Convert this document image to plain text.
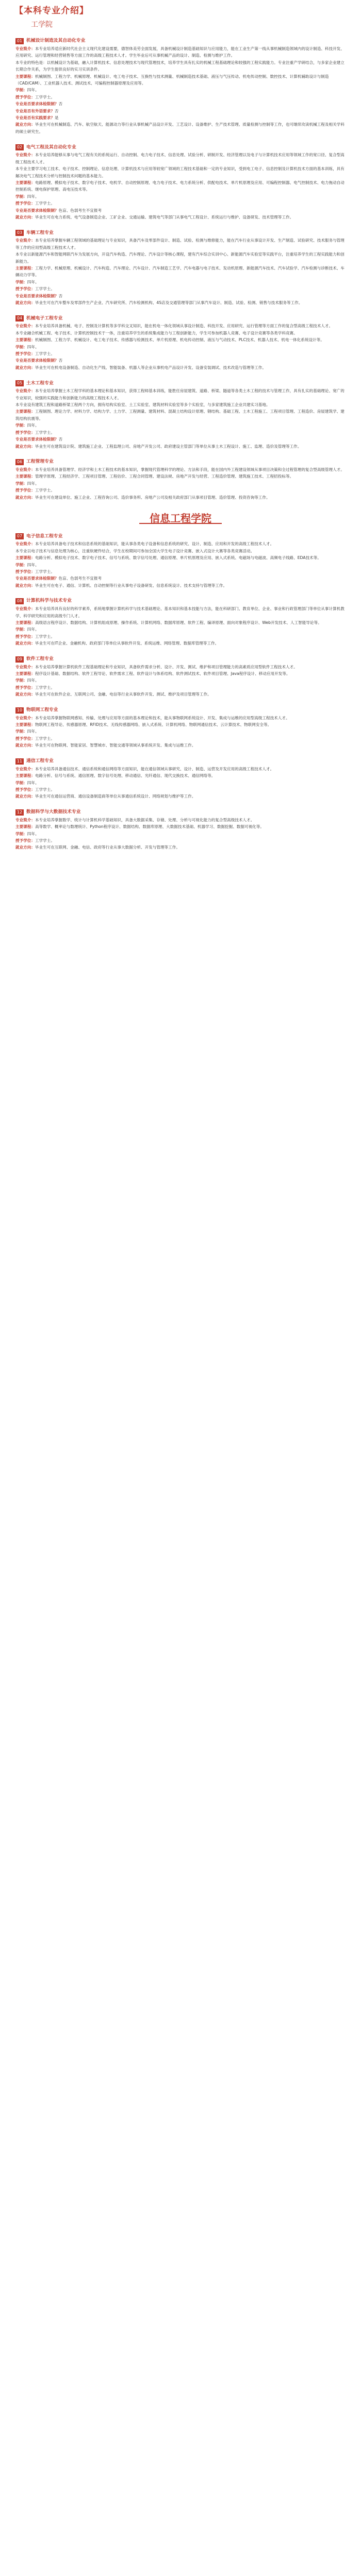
【本科专业介绍】
工学院
01 机械设计制造及其自动化专业

专业简介：本专业培养适应新时代社会主义现代化建设需要，德智体美劳全面发展，具备机械设计制造基础知识与应用能力，能在工业生产第一线从事机械制造领域内的设计制造、科技开发、应用研究、运行管理和经营销售等方面工作的高级工程技术人才。学生毕业后可从事机械产品的设计、制造、检测与维护工作。

本专业的特色是：以机械设计为基础，融入计算机技术、信息处理技术与现代管理技术，培养学生具有扎实的机械工程基础理论和较强的工程实践能力。专业注重产学研结合，与多家企业建立长期合作关系，为学生提供良好的实习实训条件。

主要课程：机械制图、工程力学、机械原理、机械设计、电工电子技术、互换性与技术测量、机械制造技术基础、液压与气压传动、机电传动控制、数控技术、计算机辅助设计与制造（CAD/CAM）、工业机器人技术、测试技术、可编程控制器原理及应用等。

学制：四年。

授予学位：工学学士。

专业是否要求体检限制？否

专业是否有外语要求？否

专业是否有实践要求？是

就业方向：毕业生可在机械制造、汽车、航空航天、能源动力等行业从事机械产品设计开发、工艺设计、设备维护、生产技术管理、质量检测与控制等工作，也可继续攻读机械工程及相关学科的硕士研究生。

02 电气工程及其自动化专业

专业简介：本专业培养能够从事与电气工程有关的系统运行、自动控制、电力电子技术、信息处理、试验分析、研制开发、经济管理以及电子与计算机技术应用等领域工作的宽口径、复合型高级工程技术人才。

本专业主要学习电工技术、电子技术、控制理论、信息处理、计算机技术与应用等较宽广领域的工程技术基础和一定的专业知识，受到电工电子、信息控制及计算机技术方面的基本训练，具有解决电气工程技术分析与控制技术问题的基本能力。

主要课程：电路原理、模拟电子技术、数字电子技术、电机学、自动控制原理、电力电子技术、电力系统分析、供配电技术、单片机原理及应用、可编程控制器、电气控制技术、电力拖动自动控制系统、继电保护原理、高电压技术等。

学制：四年。

授予学位：工学学士。

专业是否要求体检限制？色盲、色弱考生不宜报考

就业方向：毕业生可在电力系统、电气设备制造企业、工矿企业、交通运输、建筑电气等部门从事电气工程设计、系统运行与维护、设备研发、技术管理等工作。

03 车辆工程专业

专业简介：本专业培养掌握车辆工程领域的基础理论与专业知识，具备汽车及零部件设计、制造、试验、检测与维修能力，能在汽车行业从事设计开发、生产制造、试验研究、技术服务与管理等工作的应用型高级工程技术人才。

本专业以新能源汽车和智能网联汽车为发展方向，开设汽车构造、汽车理论、汽车设计等核心课程，建有汽车综合实训中心、新能源汽车实验室等实践平台，注重培养学生的工程实践能力和创新能力。

主要课程：工程力学、机械原理、机械设计、汽车构造、汽车理论、汽车设计、汽车制造工艺学、汽车电器与电子技术、发动机原理、新能源汽车技术、汽车试验学、汽车检测与诊断技术、车辆动力学等。

学制：四年。

授予学位：工学学士。

专业是否要求体检限制？否

就业方向：毕业生可在汽车整车及零部件生产企业、汽车研究所、汽车检测机构、4S店及交通管理等部门从事汽车设计、制造、试验、检测、销售与技术服务等工作。

04 机械电子工程专业

专业简介：本专业培养具备机械、电子、控制及计算机等多学科交叉知识，能在机电一体化领域从事设计制造、科技开发、应用研究、运行管理等方面工作的复合型高级工程技术人才。

本专业融合机械工程、电子技术、计算机控制技术于一体，注重培养学生的系统集成能力与工程创新能力，学生可参加机器人竞赛、电子设计竞赛等各类学科竞赛。

主要课程：机械制图、工程力学、机械设计、电工电子技术、传感器与检测技术、单片机原理、机电传动控制、液压与气动技术、PLC技术、机器人技术、机电一体化系统设计等。

学制：四年。

授予学位：工学学士。

专业是否要求体检限制？否

就业方向：毕业生可在机电设备制造、自动化生产线、智能装备、机器人等企业从事机电产品设计开发、设备安装调试、技术改造与管理等工作。

05 土木工程专业

专业简介：本专业培养掌握土木工程学科的基本理论和基本知识，获得工程师基本训练，能胜任房屋建筑、道路、桥梁、隧道等各类土木工程的技术与管理工作，具有扎实的基础理论、宽广的专业知识，较强的实践能力和创新能力的高级工程技术人才。

本专业设有建筑工程和道路桥梁工程两个方向，拥有结构实验室、土工实验室、建筑材料实验室等多个实验室，与多家建筑施工企业共建实习基地。

主要课程：工程制图、理论力学、材料力学、结构力学、土力学、工程测量、建筑材料、混凝土结构设计原理、钢结构、基础工程、土木工程施工、工程项目管理、工程造价、房屋建筑学、建筑结构抗震等。

学制：四年。

授予学位：工学学士。

专业是否要求体检限制？否

就业方向：毕业生可在建筑设计院、建筑施工企业、工程监理公司、房地产开发公司、政府建设主管部门等单位从事土木工程设计、施工、监理、造价及管理等工作。

06 工程管理专业

专业简介：本专业培养具备管理学、经济学和土木工程技术的基本知识，掌握现代管理科学的理论、方法和手段，能在国内外工程建设领域从事项目决策和全过程管理的复合型高级管理人才。

主要课程：管理学原理、工程经济学、工程项目管理、工程估价、工程合同管理、建设法规、房地产开发与经营、工程造价管理、建筑施工技术、工程招投标等。

学制：四年。

授予学位：工学学士。

就业方向：毕业生可在建设单位、施工企业、工程咨询公司、造价事务所、房地产公司及相关政府部门从事项目管理、造价管理、投资咨询等工作。

信息工程学院
07 电子信息工程专业

专业简介：本专业培养具备电子技术和信息系统的基础知识，能从事各类电子设备和信息系统的研究、设计、制造、应用和开发的高级工程技术人才。

本专业以电子技术与信息处理为核心，注重软硬件结合，学生在校期间可参加全国大学生电子设计竞赛、嵌入式设计大赛等各类竞赛活动。

主要课程：电路分析、模拟电子技术、数字电子技术、信号与系统、数字信号处理、通信原理、单片机原理及应用、嵌入式系统、电磁场与电磁波、高频电子线路、EDA技术等。

学制：四年。

授予学位：工学学士。

专业是否要求体检限制？色盲、色弱考生不宜报考

就业方向：毕业生可在电子、通信、计算机、自动控制等行业从事电子设备研发、信息系统设计、技术支持与管理等工作。

08 计算机科学与技术专业

专业简介：本专业培养具有良好的科学素养，系统地掌握计算机科学与技术基础理论、基本知识和基本技能与方法，能在科研部门、教育单位、企业、事业和行政管理部门等单位从事计算机教学、科学研究和应用的高级专门人才。

主要课程：高级语言程序设计、数据结构、计算机组成原理、操作系统、计算机网络、数据库原理、软件工程、编译原理、面向对象程序设计、Web开发技术、人工智能导论等。

学制：四年。

授予学位：工学学士。

就业方向：毕业生可在IT企业、金融机构、政府部门等单位从事软件开发、系统运维、网络管理、数据库管理等工作。

09 软件工程专业

专业简介：本专业培养掌握计算机软件工程基础理论和专业知识，具备软件需求分析、设计、开发、测试、维护和项目管理能力的高素质应用型软件工程技术人才。

主要课程：程序设计基础、数据结构、软件工程导论、软件需求工程、软件设计与体系结构、软件测试技术、软件项目管理、Java程序设计、移动应用开发等。

学制：四年。

授予学位：工学学士。

就业方向：毕业生可在软件企业、互联网公司、金融、电信等行业从事软件开发、测试、维护及项目管理等工作。

10 物联网工程专业

专业简介：本专业培养掌握物联网感知、传输、处理与应用等方面的基本理论和技术，能从事物联网系统设计、开发、集成与运维的应用型高级工程技术人才。

主要课程：物联网工程导论、传感器原理、RFID技术、无线传感器网络、嵌入式系统、计算机网络、物联网通信技术、云计算技术、物联网安全等。

学制：四年。

授予学位：工学学士。

就业方向：毕业生可在物联网、智能家居、智慧城市、智能交通等领域从事系统开发、集成与运维工作。

11 通信工程专业

专业简介：本专业培养具备通信技术、通信系统和通信网络等方面知识，能在通信领域从事研究、设计、制造、运营及开发应用的高级工程技术人才。

主要课程：电路分析、信号与系统、通信原理、数字信号处理、移动通信、光纤通信、现代交换技术、通信网络等。

学制：四年。

授予学位：工学学士。

就业方向：毕业生可在通信运营商、通信设备制造商等单位从事通信系统设计、网络规划与维护等工作。

12 数据科学与大数据技术专业

专业简介：本专业培养掌握数学、统计与计算机科学基础知识，具备大数据采集、存储、处理、分析与可视化能力的复合型高级技术人才。

主要课程：高等数学、概率论与数理统计、Python程序设计、数据结构、数据库原理、大数据技术基础、机器学习、数据挖掘、数据可视化等。

学制：四年。

授予学位：工学学士。

就业方向：毕业生可在互联网、金融、电信、政府等行业从事大数据分析、开发与管理等工作。
